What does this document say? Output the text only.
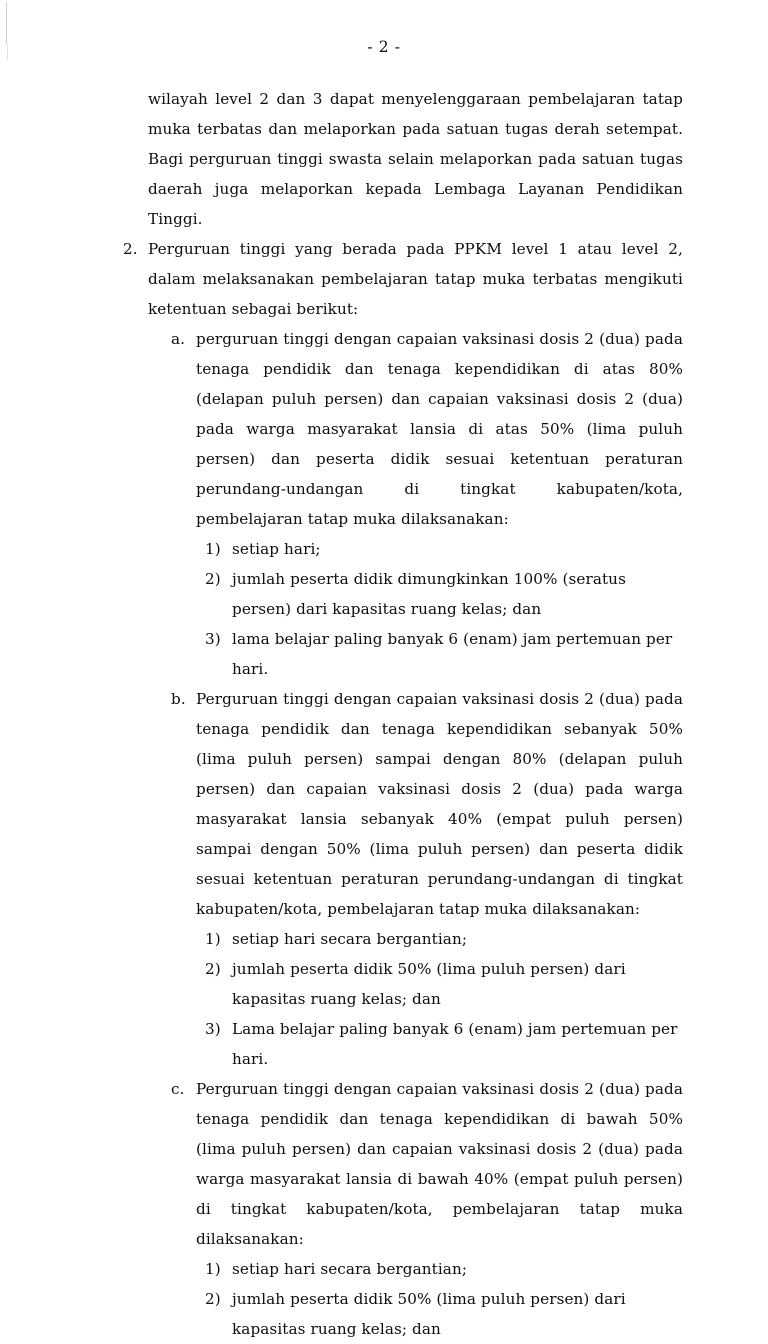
- 2 -
wilayah level 2 dan 3 dapat menyelenggaraan pembelajaran tatap muka terbatas dan melaporkan pada satuan tugas derah setempat. Bagi perguruan tinggi swasta selain melaporkan pada satuan tugas daerah juga melaporkan kepada Lembaga Layanan Pendidikan Tinggi.
2. Perguruan tinggi yang berada pada PPKM level 1 atau level 2, dalam melaksanakan pembelajaran tatap muka terbatas mengikuti ketentuan sebagai berikut:
a. perguruan tinggi dengan capaian vaksinasi dosis 2 (dua) pada tenaga pendidik dan tenaga kependidikan di atas 80% (delapan puluh persen) dan capaian vaksinasi dosis 2 (dua) pada warga masyarakat lansia di atas 50% (lima puluh persen) dan peserta didik sesuai ketentuan peraturan perundang-undangan di tingkat kabupaten/kota, pembelajaran tatap muka dilaksanakan:
1) setiap hari;
2) jumlah peserta didik dimungkinkan 100% (seratus persen) dari kapasitas ruang kelas; dan
3) lama belajar paling banyak 6 (enam) jam pertemuan per hari.
b. Perguruan tinggi dengan capaian vaksinasi dosis 2 (dua) pada tenaga pendidik dan tenaga kependidikan sebanyak 50% (lima puluh persen) sampai dengan 80% (delapan puluh persen) dan capaian vaksinasi dosis 2 (dua) pada warga masyarakat lansia sebanyak 40% (empat puluh persen) sampai dengan 50% (lima puluh persen) dan peserta didik sesuai ketentuan peraturan perundang-undangan di tingkat kabupaten/kota, pembelajaran tatap muka dilaksanakan:
1) setiap hari secara bergantian;
2) jumlah peserta didik 50% (lima puluh persen) dari kapasitas ruang kelas; dan
3) Lama belajar paling banyak 6 (enam) jam pertemuan per hari.
c. Perguruan tinggi dengan capaian vaksinasi dosis 2 (dua) pada tenaga pendidik dan tenaga kependidikan di bawah 50% (lima puluh persen) dan capaian vaksinasi dosis 2 (dua) pada warga masyarakat lansia di bawah 40% (empat puluh persen) di tingkat kabupaten/kota, pembelajaran tatap muka dilaksanakan:
1) setiap hari secara bergantian;
2) jumlah peserta didik 50% (lima puluh persen) dari kapasitas ruang kelas; dan
